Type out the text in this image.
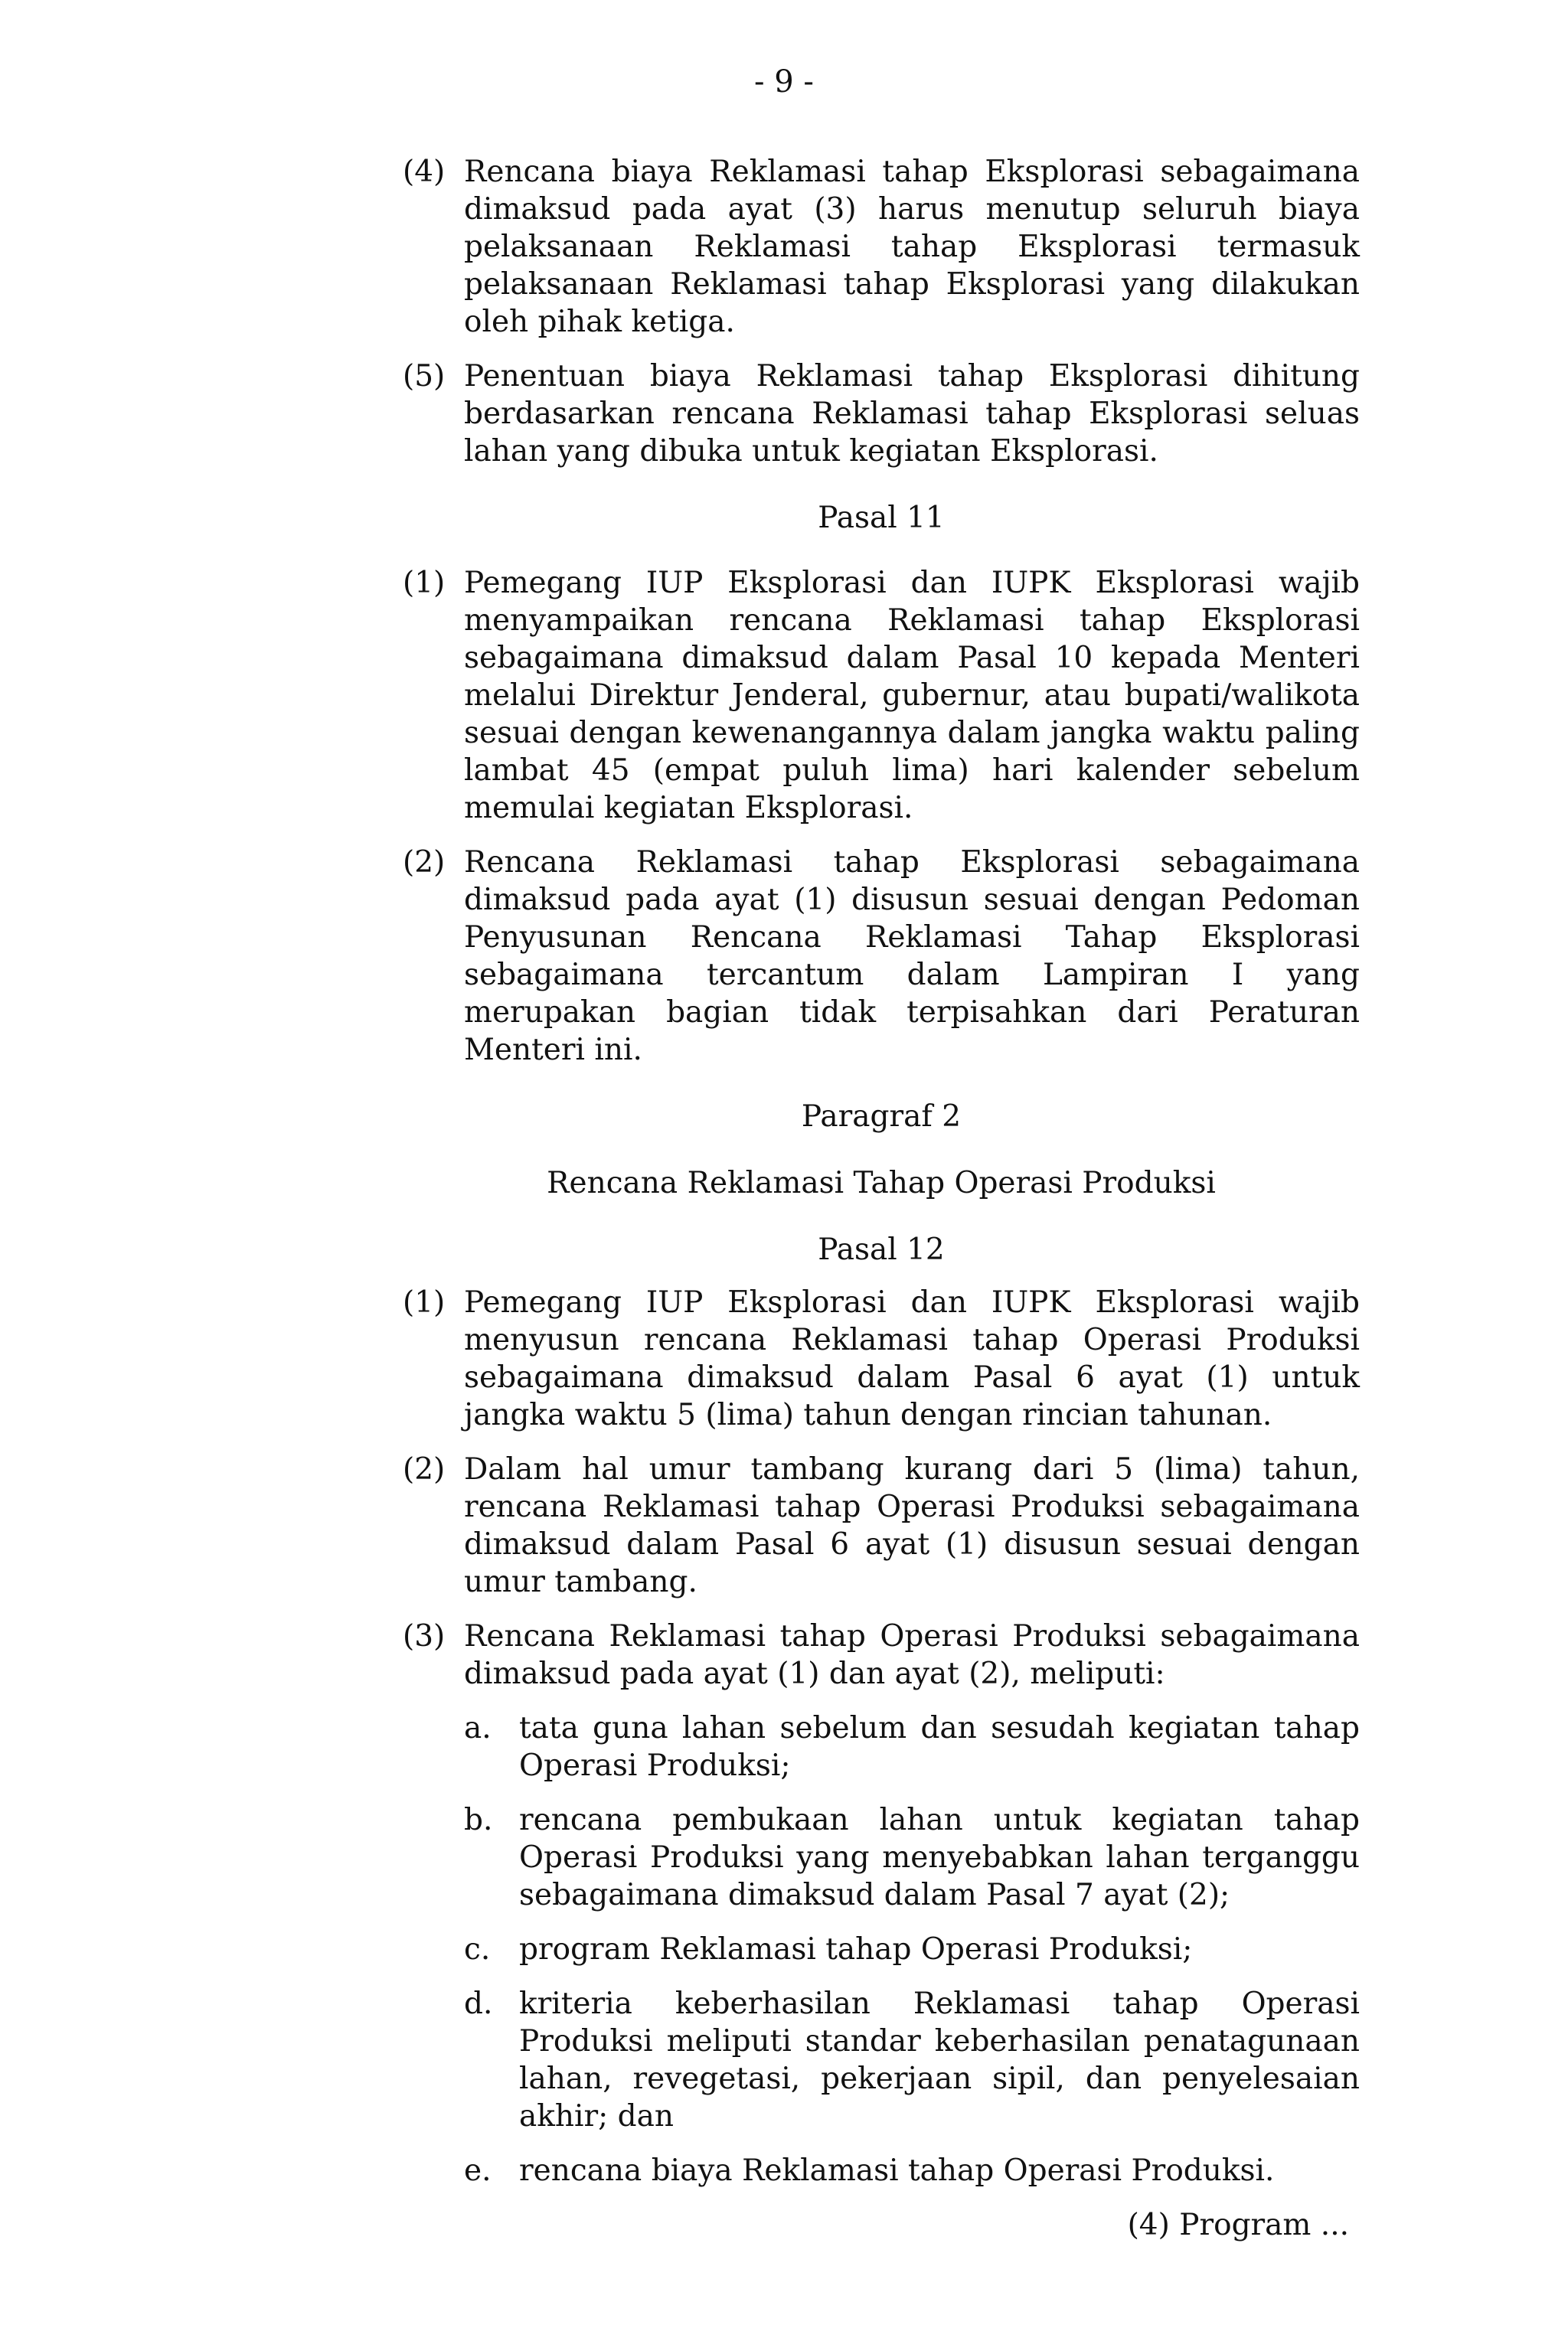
- 9 -
(4) Rencana biaya Reklamasi tahap Eksplorasi sebagaimana dimaksud pada ayat (3) harus menutup seluruh biaya pelaksanaan Reklamasi tahap Eksplorasi termasuk pelaksanaan Reklamasi tahap Eksplorasi yang dilakukan oleh pihak ketiga.
(5) Penentuan biaya Reklamasi tahap Eksplorasi dihitung berdasarkan rencana Reklamasi tahap Eksplorasi seluas lahan yang dibuka untuk kegiatan Eksplorasi.
Pasal 11
(1) Pemegang IUP Eksplorasi dan IUPK Eksplorasi wajib menyampaikan rencana Reklamasi tahap Eksplorasi sebagaimana dimaksud dalam Pasal 10 kepada Menteri melalui Direktur Jenderal, gubernur, atau bupati/walikota sesuai dengan kewenangannya dalam jangka waktu paling lambat 45 (empat puluh lima) hari kalender sebelum memulai kegiatan Eksplorasi.
(2) Rencana Reklamasi tahap Eksplorasi sebagaimana dimaksud pada ayat (1) disusun sesuai dengan Pedoman Penyusunan Rencana Reklamasi Tahap Eksplorasi sebagaimana tercantum dalam Lampiran I yang merupakan bagian tidak terpisahkan dari Peraturan Menteri ini.
Paragraf 2
Rencana Reklamasi Tahap Operasi Produksi
Pasal 12
(1) Pemegang IUP Eksplorasi dan IUPK Eksplorasi wajib menyusun rencana Reklamasi tahap Operasi Produksi sebagaimana dimaksud dalam Pasal 6 ayat (1) untuk jangka waktu 5 (lima) tahun dengan rincian tahunan.
(2) Dalam hal umur tambang kurang dari 5 (lima) tahun, rencana Reklamasi tahap Operasi Produksi sebagaimana dimaksud dalam Pasal 6 ayat (1) disusun sesuai dengan umur tambang.
(3) Rencana Reklamasi tahap Operasi Produksi sebagaimana dimaksud pada ayat (1) dan ayat (2), meliputi:
a. tata guna lahan sebelum dan sesudah kegiatan tahap Operasi Produksi;
b. rencana pembukaan lahan untuk kegiatan tahap Operasi Produksi yang menyebabkan lahan terganggu sebagaimana dimaksud dalam Pasal 7 ayat (2);
c. program Reklamasi tahap Operasi Produksi;
d. kriteria keberhasilan Reklamasi tahap Operasi Produksi meliputi standar keberhasilan penatagunaan lahan, revegetasi, pekerjaan sipil, dan penyelesaian akhir; dan
e. rencana biaya Reklamasi tahap Operasi Produksi.
(4) Program ...
